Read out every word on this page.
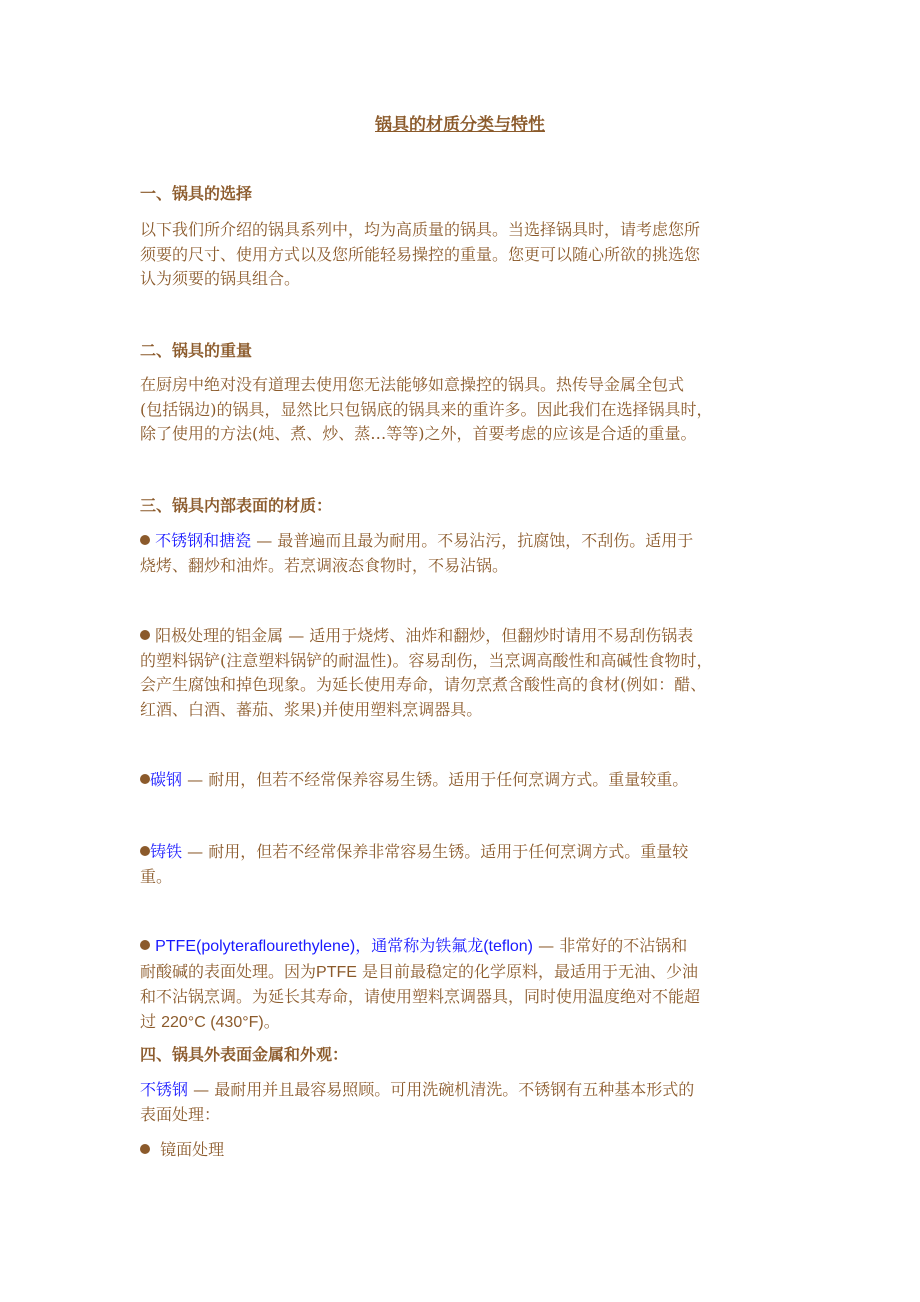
锅具的材质分类与特性
一、锅具的选择
以下我们所介绍的锅具系列中，均为高质量的锅具。当选择锅具时，请考虑您所
须要的尺寸、使用方式以及您所能轻易操控的重量。您更可以随心所欲的挑选您
认为须要的锅具组合。
二、锅具的重量
在厨房中绝对没有道理去使用您无法能够如意操控的锅具。热传导金属全包式
(包括锅边)的锅具，显然比只包锅底的锅具来的重许多。因此我们在选择锅具时，
除了使用的方法(炖、煮、炒、蒸…等等)之外，首要考虑的应该是合适的重量。
三、锅具内部表面的材质：
不锈钢和搪瓷 — 最普遍而且最为耐用。不易沾污，抗腐蚀，不刮伤。适用于
烧烤、翻炒和油炸。若烹调液态食物时，不易沾锅。
阳极处理的铝金属 — 适用于烧烤、油炸和翻炒，但翻炒时请用不易刮伤锅表
的塑料锅铲(注意塑料锅铲的耐温性)。容易刮伤，当烹调高酸性和高碱性食物时，
会产生腐蚀和掉色现象。为延长使用寿命，请勿烹煮含酸性高的食材(例如：醋、
红酒、白酒、蕃茄、浆果)并使用塑料烹调器具。
碳钢 — 耐用，但若不经常保养容易生锈。适用于任何烹调方式。重量较重。
铸铁 — 耐用，但若不经常保养非常容易生锈。适用于任何烹调方式。重量较
重。
PTFE(polyteraflourethylene)，通常称为铁氟龙(teflon) — 非常好的不沾锅和
耐酸碱的表面处理。因为PTFE 是目前最稳定的化学原料，最适用于无油、少油
和不沾锅烹调。为延长其寿命，请使用塑料烹调器具，同时使用温度绝对不能超
过 220°C (430°F)。
四、锅具外表面金属和外观：
不锈钢 — 最耐用并且最容易照顾。可用洗碗机清洗。不锈钢有五种基本形式的
表面处理：
镜面处理
